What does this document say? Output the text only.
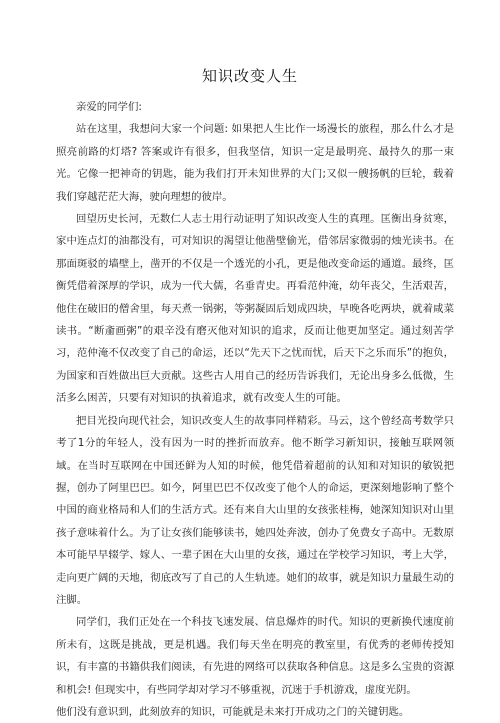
知识改变人生

亲爱的同学们:

站在这里，我想问大家一个问题: 如果把人生比作一场漫长的旅程，那么什么才是照亮前路的灯塔? 答案或许有很多，但我坚信，知识一定是最明亮、最持久的那一束光。它像一把神奇的钥匙，能为我们打开未知世界的大门;又似一艘扬帆的巨轮，载着我们穿越茫茫大海，驶向理想的彼岸。

回望历史长河，无数仁人志士用行动证明了知识改变人生的真理。匡衡出身贫寒，家中连点灯的油都没有，可对知识的渴望让他凿壁偷光，借邻居家微弱的烛光读书。在那面斑驳的墙壁上，凿开的不仅是一个透光的小孔，更是他改变命运的通道。最终，匡衡凭借着深厚的学识，成为一代大儒，名垂青史。再看范仲淹，幼年丧父，生活艰苦，他住在破旧的僧舍里，每天煮一锅粥，等粥凝固后划成四块，早晚各吃两块，就着咸菜读书。“断齑画粥”的艰辛没有磨灭他对知识的追求，反而让他更加坚定。通过刻苦学习，范仲淹不仅改变了自己的命运，还以“先天下之忧而忧，后天下之乐而乐”的抱负，为国家和百姓做出巨大贡献。这些古人用自己的经历告诉我们，无论出身多么低微，生活多么困苦，只要有对知识的执着追求，就有改变人生的可能。

把目光投向现代社会，知识改变人生的故事同样精彩。马云，这个曾经高考数学只考了1分的年轻人，没有因为一时的挫折而放弃。他不断学习新知识，接触互联网领域。在当时互联网在中国还鲜为人知的时候，他凭借着超前的认知和对知识的敏锐把握，创办了阿里巴巴。如今，阿里巴巴不仅改变了他个人的命运，更深刻地影响了整个中国的商业格局和人们的生活方式。还有来自大山里的女孩张桂梅，她深知知识对山里孩子意味着什么。为了让女孩们能够读书，她四处奔波，创办了免费女子高中。无数原本可能早早辍学、嫁人、一辈子困在大山里的女孩，通过在学校学习知识，考上大学，走向更广阔的天地，彻底改写了自己的人生轨迹。她们的故事，就是知识力量最生动的注脚。

同学们，我们正处在一个科技飞速发展、信息爆炸的时代。知识的更新换代速度前所未有，这既是挑战，更是机遇。我们每天坐在明亮的教室里，有优秀的老师传授知识，有丰富的书籍供我们阅读，有先进的网络可以获取各种信息。这是多么宝贵的资源和机会! 但现实中，有些同学却对学习不够重视，沉迷于手机游戏，虚度光阴。

他们没有意识到，此刻放弃的知识，可能就是未来打开成功之门的关键钥匙。
